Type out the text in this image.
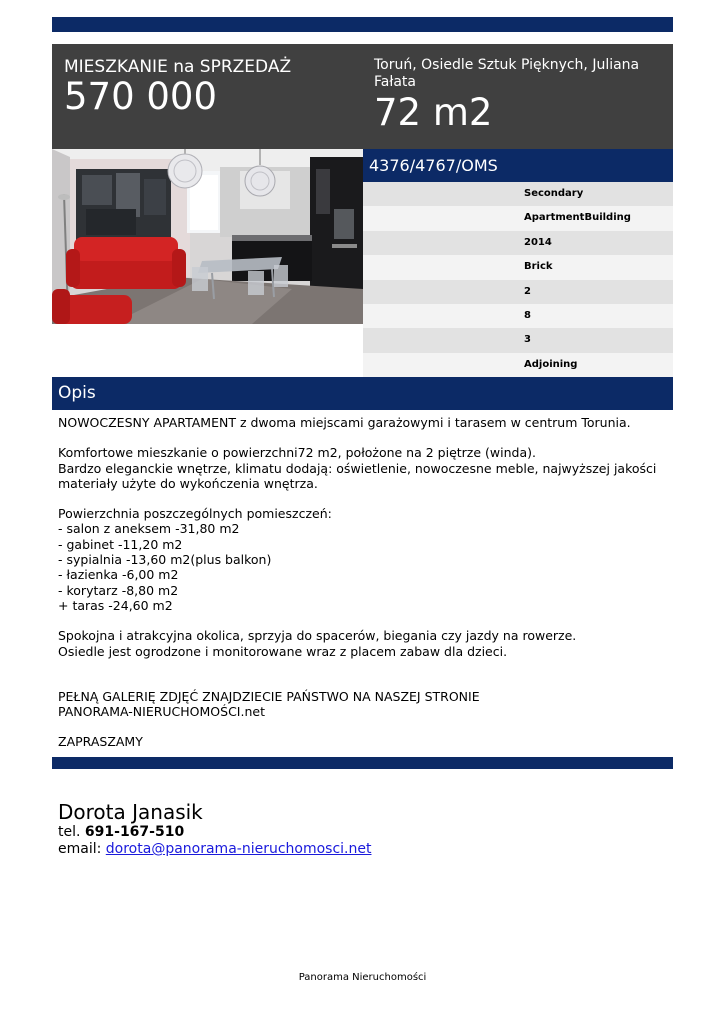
MIESZKANIE na SPRZEDAŻ
570 000
Toruń, Osiedle Sztuk Pięknych, Juliana Fałata
72 m2
4376/4767/OMS
Secondary
ApartmentBuilding
2014
Brick
2
8
3
Adjoining
Opis

NOWOCZESNY APARTAMENT z dwoma miejscami garażowymi i tarasem w centrum Torunia.

Komfortowe mieszkanie o powierzchni72 m2, położone na 2 piętrze (winda).
Bardzo eleganckie wnętrze, klimatu dodają: oświetlenie, nowoczesne meble, najwyższej jakości materiały użyte do wykończenia wnętrza.

Powierzchnia poszczególnych pomieszczeń:
- salon z aneksem -31,80 m2
- gabinet -11,20 m2
- sypialnia -13,60 m2(plus balkon)
- łazienka -6,00 m2
- korytarz -8,80 m2
+ taras -24,60 m2

Spokojna i atrakcyjna okolica, sprzyja do spacerów, biegania czy jazdy na rowerze.
Osiedle jest ogrodzone i monitorowane wraz z placem zabaw dla dzieci.

PEŁNĄ GALERIĘ ZDJĘĆ ZNAJDZIECIE PAŃSTWO NA NASZEJ STRONIE
PANORAMA-NIERUCHOMOŚCI.net

ZAPRASZAMY

Dorota Janasik
tel. 691-167-510
email: dorota@panorama-nieruchomosci.net
Panorama Nieruchomości
